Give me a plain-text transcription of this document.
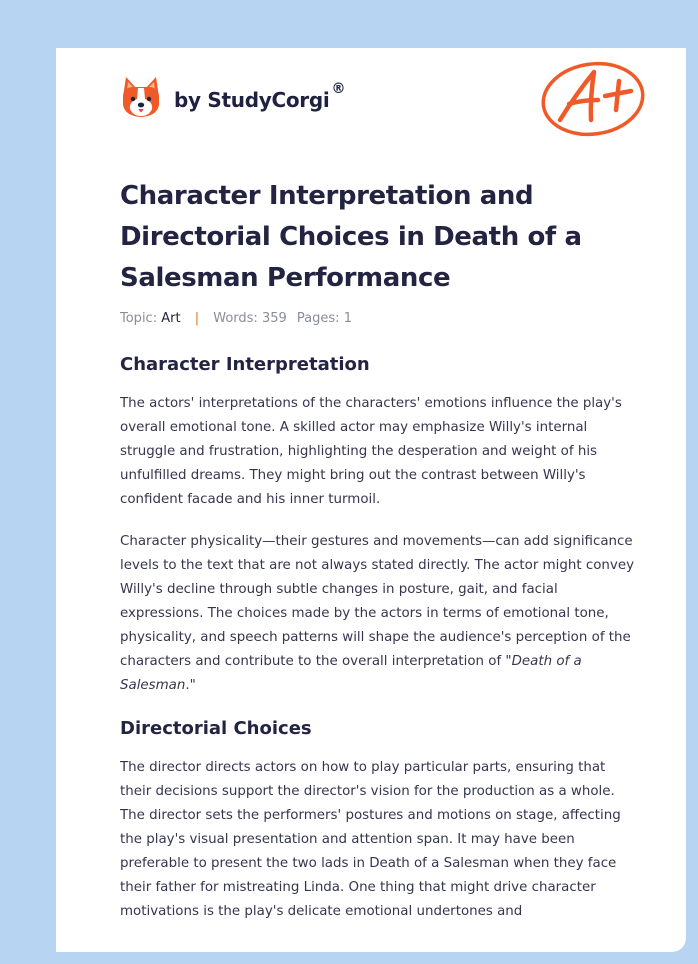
by StudyCorgi ®
Character Interpretation and Directorial Choices in Death of a Salesman Performance
Topic: Art | Words: 359 Pages: 1
Character Interpretation

The actors' interpretations of the characters' emotions influence the play's overall emotional tone. A skilled actor may emphasize Willy's internal struggle and frustration, highlighting the desperation and weight of his unfulfilled dreams. They might bring out the contrast between Willy's confident facade and his inner turmoil.

Character physicality—their gestures and movements—can add significance levels to the text that are not always stated directly. The actor might convey Willy's decline through subtle changes in posture, gait, and facial expressions. The choices made by the actors in terms of emotional tone, physicality, and speech patterns will shape the audience's perception of the characters and contribute to the overall interpretation of "Death of a Salesman."

Directorial Choices

The director directs actors on how to play particular parts, ensuring that their decisions support the director's vision for the production as a whole. The director sets the performers' postures and motions on stage, affecting the play's visual presentation and attention span. It may have been preferable to present the two lads in Death of a Salesman when they face their father for mistreating Linda. One thing that might drive character motivations is the play's delicate emotional undertones and
